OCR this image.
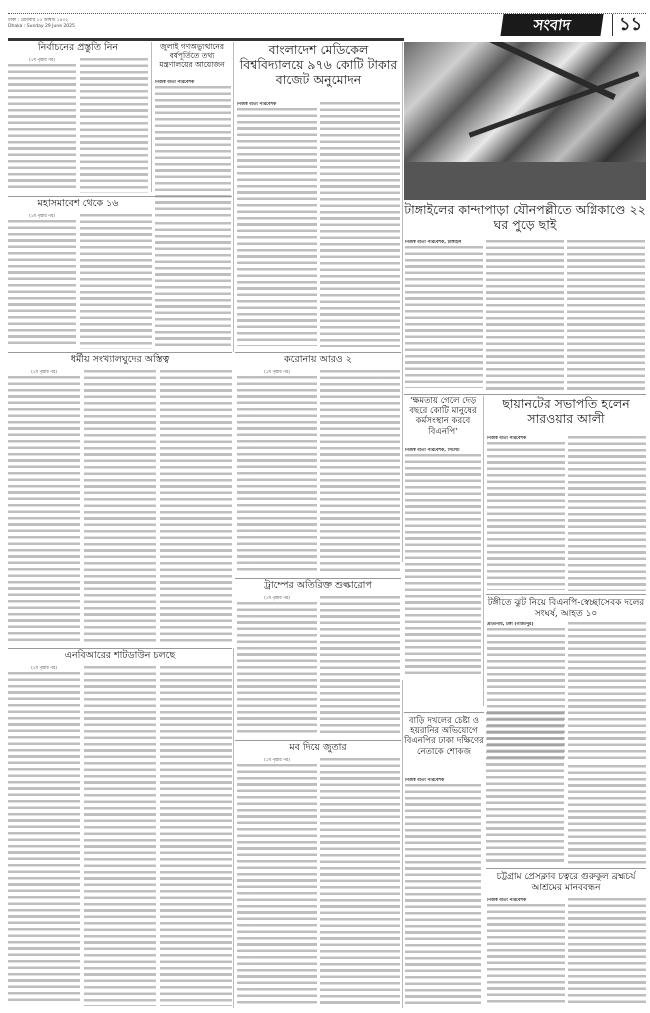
ঢাকা : রোববার ১৫ আষাঢ় ১৪৩২
Dhaka : Sunday 29 June 2025	সংবাদ	১১
নির্বাচনের প্রস্তুতি নিন
(১ম পৃষ্ঠার পর)
জুলাই গণঅভ্যুত্থানের বর্ষপূর্তিতে তথ্য মন্ত্রণালয়ের আয়োজন
নিজস্ব বার্তা পরিবেশক
বাংলাদেশ মেডিকেল বিশ্ববিদ্যালয়ে ৯৭৬ কোটি টাকার বাজেট অনুমোদন
নিজস্ব বার্তা পরিবেশক
টাঙ্গাইলের কান্দাপাড়া যৌনপল্লীতে অগ্নিকাণ্ডে ২২ ঘর পুড়ে ছাই
নিজস্ব বার্তা পরিবেশক, টাঙ্গাইল
মহাসমাবেশ থেকে ১৬
(১ম পৃষ্ঠার পর)
ধর্মীয় সংখ্যালঘুদের অস্তিত্ব
(১ম পৃষ্ঠার পর)
করোনায় আরও ২
(১ম পৃষ্ঠার পর)
‘ক্ষমতায় গেলে দেড় বছরে কোটি মানুষের কর্মসংস্থান করবে বিএনপি’
নিজস্ব বার্তা পরিবেশক, সিলেট
ছায়ানটের সভাপতি হলেন সারওয়ার আলী
নিজস্ব বার্তা পরিবেশক
ট্রাম্পের অতিরিক্ত শুল্কারোপ
(১ম পৃষ্ঠার পর)	টঙ্গীতে ঝুট নিয়ে বিএনপি-স্বেচ্ছাসেবক দলের সংঘর্ষ, আহত ১০
প্রতিনিধি, টঙ্গী (গাজীপুর)
এনবিআরের শাটডাউন চলছে
(১ম পৃষ্ঠার পর)
মব দিয়ে জুতার
(১ম পৃষ্ঠার পর)
বাড়ি দখলের চেষ্টা ও হয়রানির অভিযোগে বিএনপির ঢাকা দক্ষিণের নেতাকে শোকজ
নিজস্ব বার্তা পরিবেশক
চট্টগ্রাম প্রেসক্লাব চত্বরে গুরুকুল ব্রহ্মচর্য আশ্রমের মানববন্ধন
নিজস্ব বার্তা পরিবেশক
